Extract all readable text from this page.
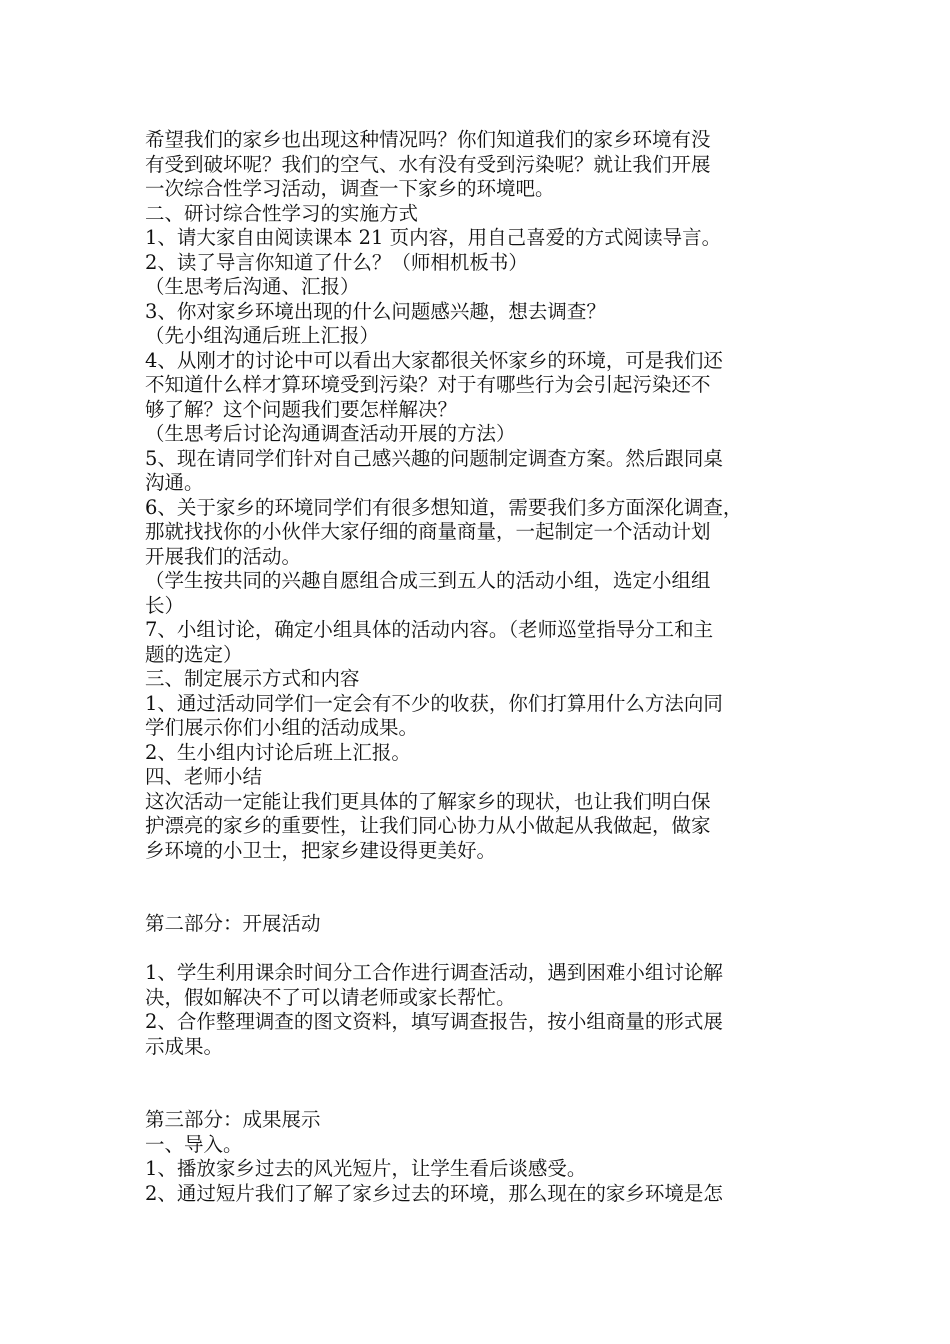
希望我们的家乡也出现这种情况吗？你们知道我们的家乡环境有没
有受到破坏呢？我们的空气、水有没有受到污染呢？就让我们开展
一次综合性学习活动，调查一下家乡的环境吧。
二、研讨综合性学习的实施方式
1、请大家自由阅读课本 21 页内容，用自己喜爱的方式阅读导言。
2、读了导言你知道了什么？（师相机板书）
（生思考后沟通、汇报）
3、你对家乡环境出现的什么问题感兴趣，想去调查？
（先小组沟通后班上汇报）
4、从刚才的讨论中可以看出大家都很关怀家乡的环境，可是我们还
不知道什么样才算环境受到污染？对于有哪些行为会引起污染还不
够了解？这个问题我们要怎样解决？
（生思考后讨论沟通调查活动开展的方法）
5、现在请同学们针对自己感兴趣的问题制定调查方案。然后跟同桌
沟通。
6、关于家乡的环境同学们有很多想知道，需要我们多方面深化调查，
那就找找你的小伙伴大家仔细的商量商量，一起制定一个活动计划
开展我们的活动。
（学生按共同的兴趣自愿组合成三到五人的活动小组，选定小组组
长）
7、小组讨论，确定小组具体的活动内容。（老师巡堂指导分工和主
题的选定）
三、制定展示方式和内容
1、通过活动同学们一定会有不少的收获，你们打算用什么方法向同
学们展示你们小组的活动成果。
2、生小组内讨论后班上汇报。
四、老师小结
这次活动一定能让我们更具体的了解家乡的现状，也让我们明白保
护漂亮的家乡的重要性，让我们同心协力从小做起从我做起，做家
乡环境的小卫士，把家乡建设得更美好。
第二部分：开展活动
1、学生利用课余时间分工合作进行调查活动，遇到困难小组讨论解
决，假如解决不了可以请老师或家长帮忙。
2、合作整理调查的图文资料，填写调查报告，按小组商量的形式展
示成果。
第三部分：成果展示
一、导入。
1、播放家乡过去的风光短片，让学生看后谈感受。
2、通过短片我们了解了家乡过去的环境，那么现在的家乡环境是怎
